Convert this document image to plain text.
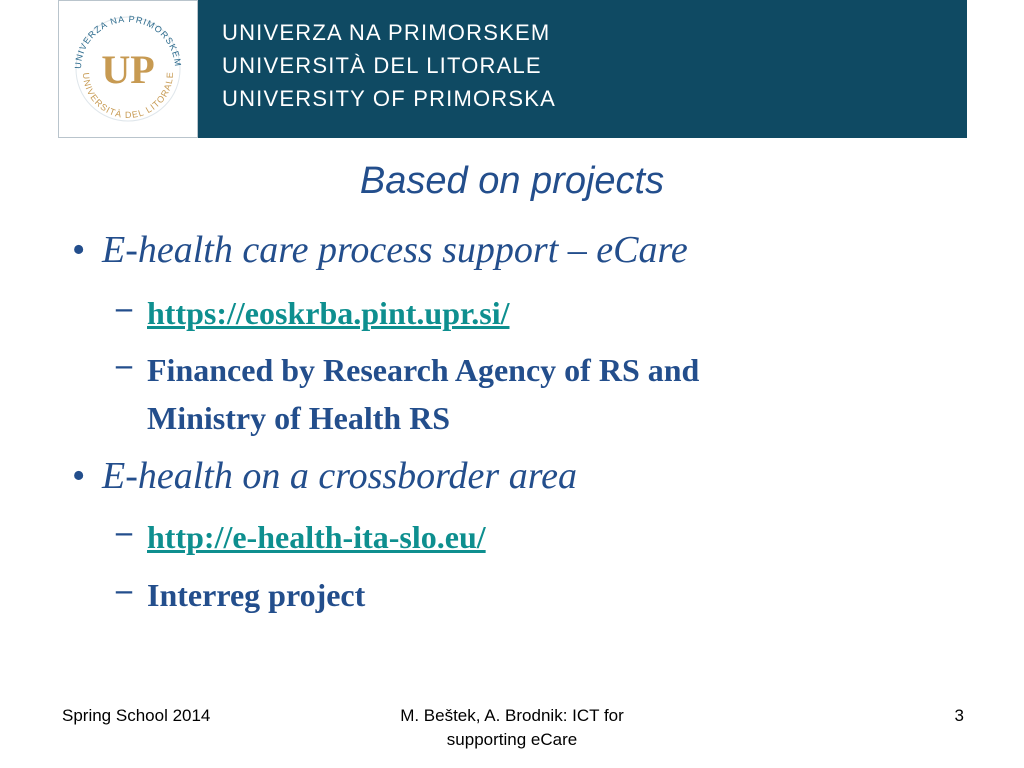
UNIVERZA NA PRIMORSKEM
UNIVERSITÀ DEL LITORALE
UP
UNIVERZA NA PRIMORSKEM
UNIVERSITÀ DEL LITORALE
UNIVERSITY OF PRIMORSKA
Based on projects
• E-health care process support – eCare
– https://eoskrba.pint.upr.si/
– Financed by Research Agency of RS and
Ministry of Health RS
• E-health on a crossborder area
– http://e-health-ita-slo.eu/
– Interreg project
Spring School 2014	M. Beštek, A. Brodnik: ICT for
supporting eCare
3
